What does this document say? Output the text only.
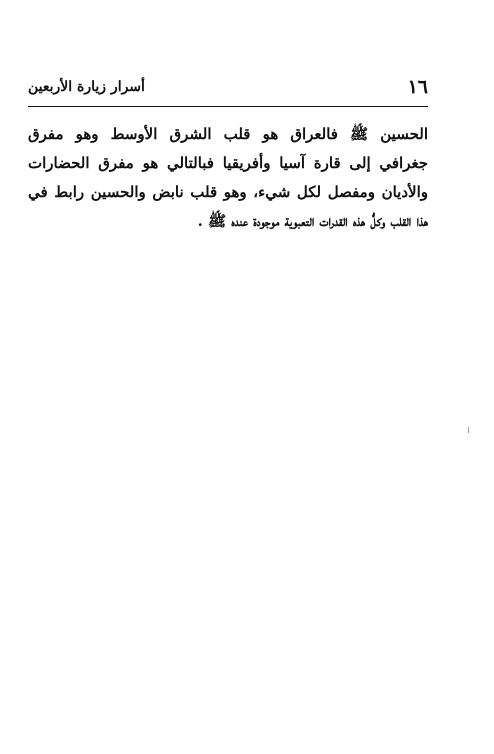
١٦
أسرار زيارة الأربعين
الحسين ﷺ فالعراق هو قلب الشرق الأوسط وهو مفرق
جغرافي إلى قارة آسيا وأفريقيا فبالتالي هو مفرق الحضارات
والأديان ومفصل لكل شيء، وهو قلب نابض والحسين رابط في
هذا القلب وكلُّ هذه القدرات التعبوية موجودة عنده ﷺ .
